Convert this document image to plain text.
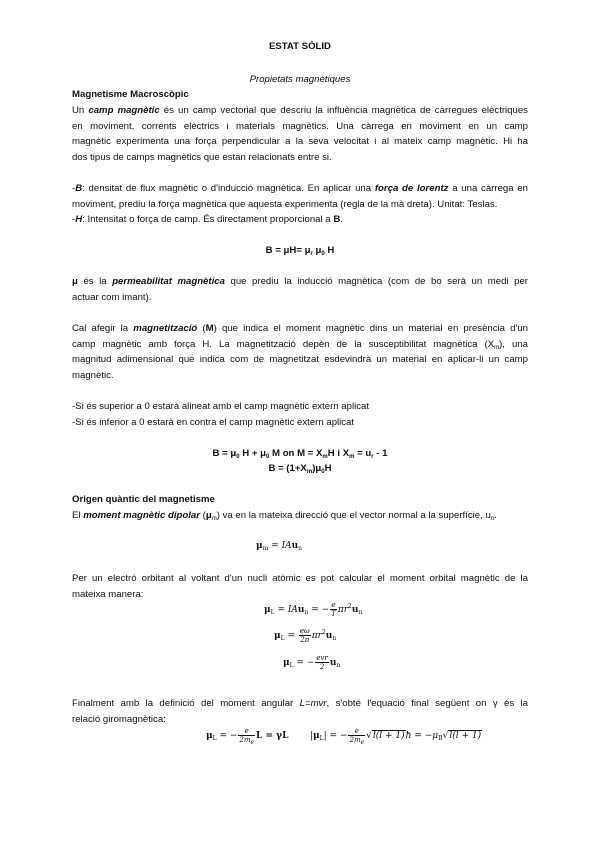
ESTAT SÒLID
Propietats magnètiques
Magnetisme Macroscòpic
Un camp magnètic és un camp vectorial que descriu la influència magnètica de càrregues elèctriques
en moviment, corrents elèctrics i materials magnètics. Una càrrega en moviment en un camp
magnètic experimenta una força perpendicular a la seva velocitat i al mateix camp magnètic. Hi ha
dos tipus de camps magnètics que estan relacionats entre si.
-B: densitat de flux magnètic o d'inducció magnètica. En aplicar una força de lorentz a una càrrega en
moviment, prediu la força magnètica que aquesta experimenta (regla de la mà dreta). Unitat: Teslas.
-H: Intensitat o força de camp. És directament proporcional a B.
$B = \mu H= \mu_r$ $\mu_0$ H
μ és la permeabilitat magnètica que prediu la inducció magnètica (com de bo serà un medi per
actuar com imant).
Cal afegir la magnetització (M) que indica el moment magnètic dins un material en presència d'un
camp magnètic amb força H. La magnetització depèn de la susceptibilitat magnètica $(X_m)$, una
magnitud adimensional que indica com de magnetitzat esdevindrà un material en aplicar-li un camp
magnètic.
-Si és superior a 0 estarà alineat amb el camp magnètic extern aplicat
-Si és inferior a 0 estarà en contra el camp magnètic extern aplicat
$B = \mu_0$ $H + \mu_0$ M on $M = X_mH$ i $X_m = u_r - 1$
$B = (1+X_m)\mu_0H$
Origen quàntic del magnetisme
El moment magnètic dipolar $(\mu_m)$ va en la mateixa direcció que el vector normal a la superfície, $u_n$.
$\mu_m = IAu_n$
Per un electró orbitant al voltant d'un nucli atòmic es pot calcular el moment orbital magnètic de la
mateixa manera:
$\mu_L = IAu_n$ = − $\frac{e}{T} \pi r^2u_n$
$\mu_L = \frac{e\omega}{2\pi} \pi r^2u_n$
$\mu_L$ = − $\frac{\text{evr}}{2} u_n$
Finalment amb la definició del moment angular L=mvr, s'obté l'equació final següent on γ és la
relació giromagnètica:
$\mu_L$ = − $\frac{e}{2m_e}$ L = γL $|\mu_L|$ = − $\frac{e}{2m_e} √l(l$ + 1)ħ = $-\mu_B√l(l + 1)$
